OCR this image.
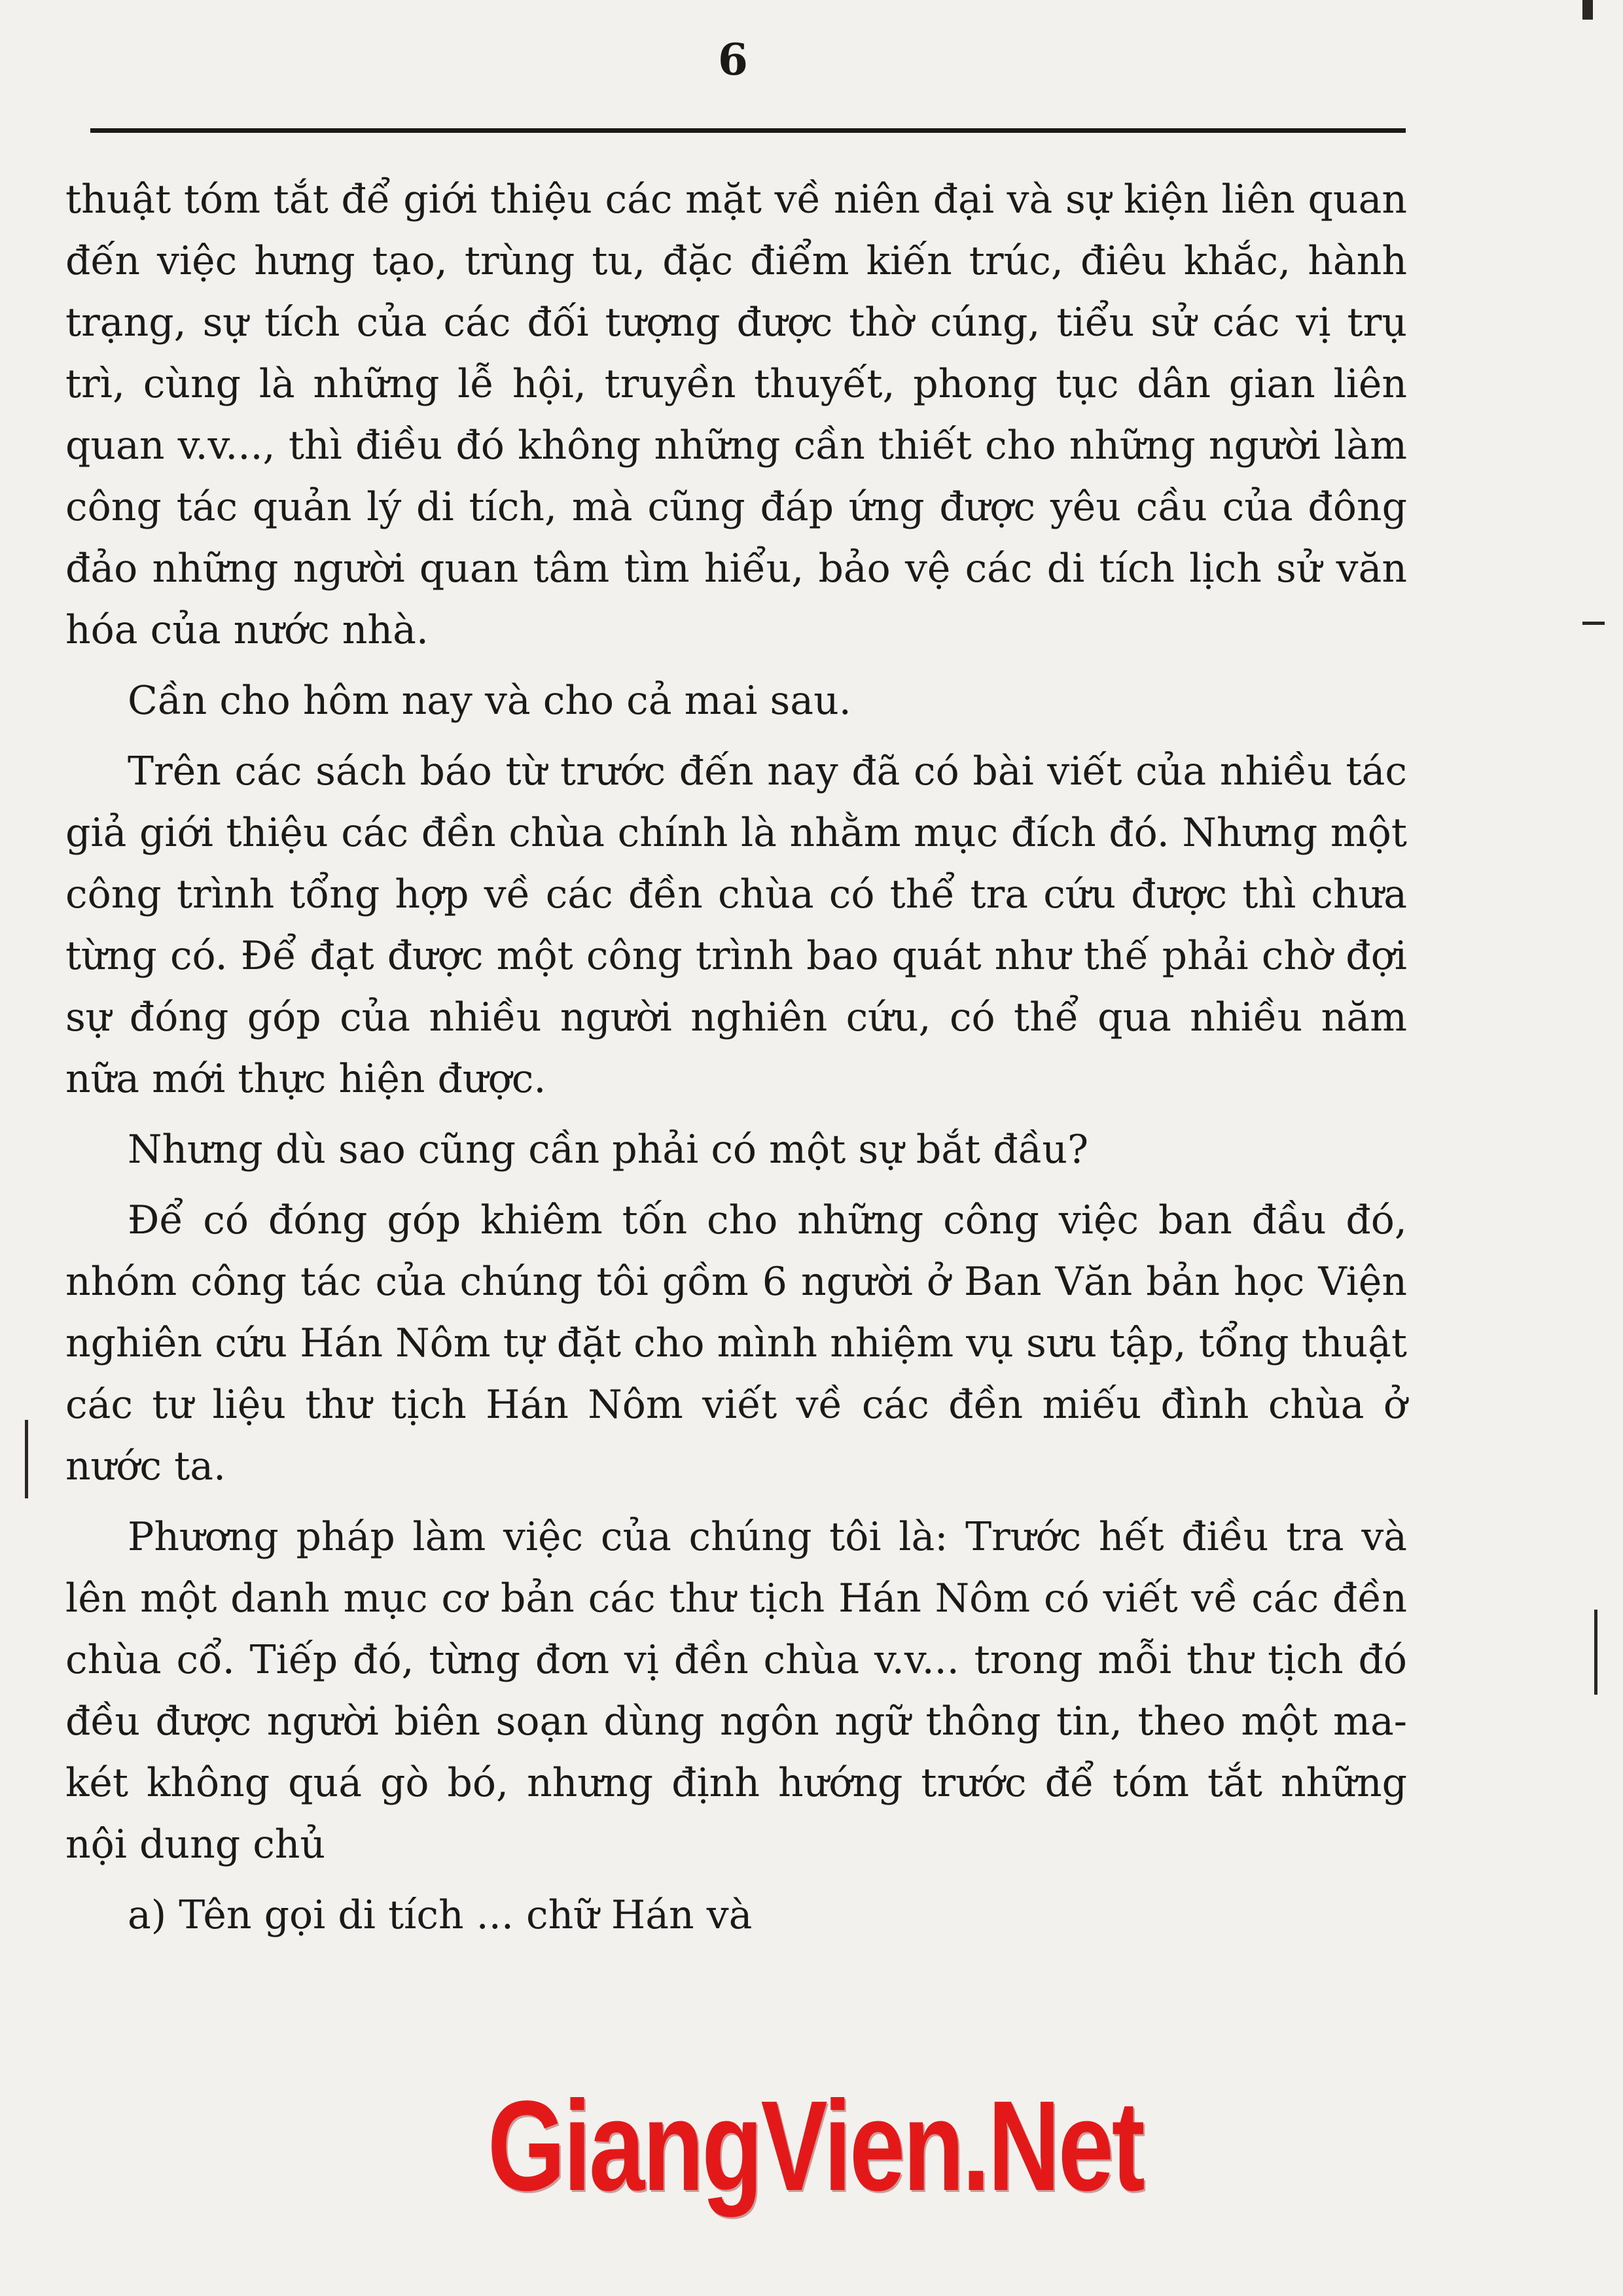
6

thuật tóm tắt để giới thiệu các mặt về niên đại và sự kiện liên quan đến việc hưng tạo, trùng tu, đặc điểm kiến trúc, điêu khắc, hành trạng, sự tích của các đối tượng được thờ cúng, tiểu sử các vị trụ trì, cùng là những lễ hội, truyền thuyết, phong tục dân gian liên quan v.v..., thì điều đó không những cần thiết cho những người làm công tác quản lý di tích, mà cũng đáp ứng được yêu cầu của đông đảo những người quan tâm tìm hiểu, bảo vệ các di tích lịch sử văn hóa của nước nhà.

Cần cho hôm nay và cho cả mai sau.

Trên các sách báo từ trước đến nay đã có bài viết của nhiều tác giả giới thiệu các đền chùa chính là nhằm mục đích đó. Nhưng một công trình tổng hợp về các đền chùa có thể tra cứu được thì chưa từng có. Để đạt được một công trình bao quát như thế phải chờ đợi sự đóng góp của nhiều người nghiên cứu, có thể qua nhiều năm nữa mới thực hiện được.

Nhưng dù sao cũng cần phải có một sự bắt đầu?

Để có đóng góp khiêm tốn cho những công việc ban đầu đó, nhóm công tác của chúng tôi gồm 6 người ở Ban Văn bản học Viện nghiên cứu Hán Nôm tự đặt cho mình nhiệm vụ sưu tập, tổng thuật các tư liệu thư tịch Hán Nôm viết về các đền miếu đình chùa ở nước ta.

Phương pháp làm việc của chúng tôi là: Trước hết điều tra và lên một danh mục cơ bản các thư tịch Hán Nôm có viết về các đền chùa cổ. Tiếp đó, từng đơn vị đền chùa v.v... trong mỗi thư tịch đó đều được người biên soạn dùng ngôn ngữ thông tin, theo một ma-két không quá gò bó, nhưng định hướng trước để tóm tắt những nội dung chủ

a) Tên gọi di tích ... chữ Hán và

GiangVien.Net
